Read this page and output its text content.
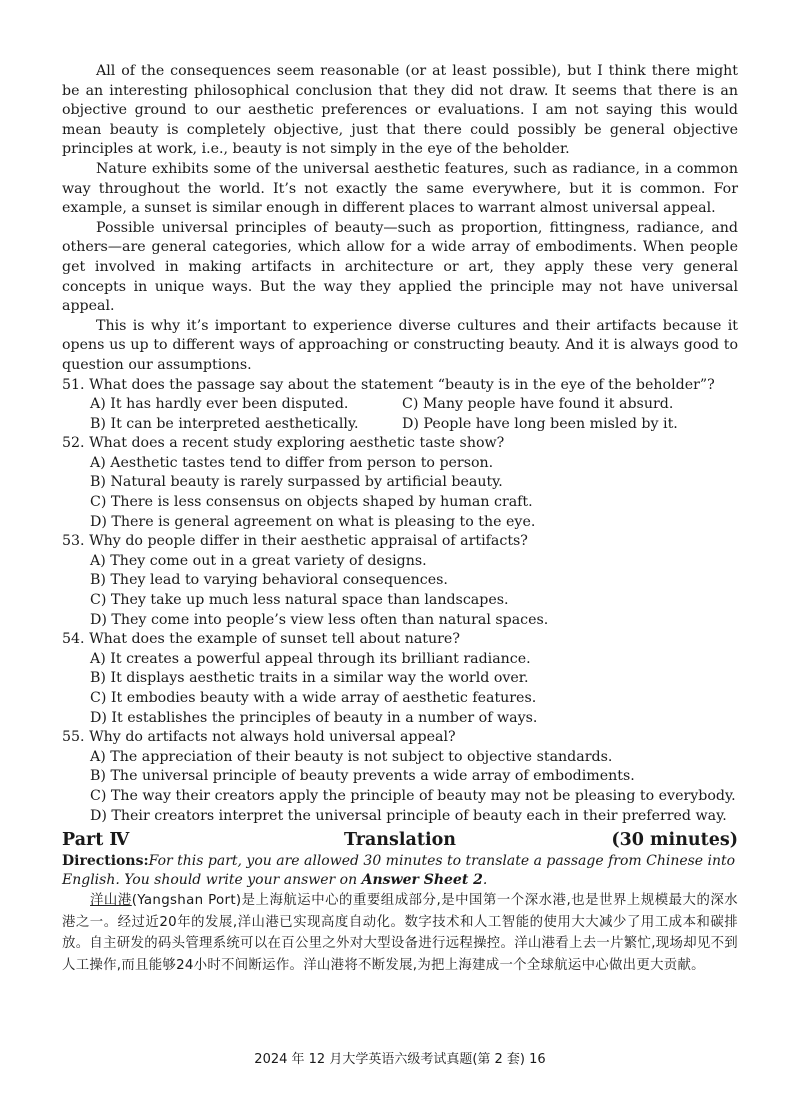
All of the consequences seem reasonable (or at least possible), but I think there might be an interesting philosophical conclusion that they did not draw. It seems that there is an objective ground to our aesthetic preferences or evaluations. I am not saying this would mean beauty is completely objective, just that there could possibly be general objective principles at work, i.e., beauty is not simply in the eye of the beholder.

Nature exhibits some of the universal aesthetic features, such as radiance, in a common way throughout the world. It’s not exactly the same everywhere, but it is common. For example, a sunset is similar enough in different places to warrant almost universal appeal.

Possible universal principles of beauty—such as proportion, fittingness, radiance, and others—are general categories, which allow for a wide array of embodiments. When people get involved in making artifacts in architecture or art, they apply these very general concepts in unique ways. But the way they applied the principle may not have universal appeal.

This is why it’s important to experience diverse cultures and their artifacts because it opens us up to different ways of approaching or constructing beauty. And it is always good to question our assumptions.

51. What does the passage say about the statement “beauty is in the eye of the beholder”?

A) It has hardly ever been disputed.	C) Many people have found it absurd.

B) It can be interpreted aesthetically.	D) People have long been misled by it.

52. What does a recent study exploring aesthetic taste show?

A) Aesthetic tastes tend to differ from person to person.

B) Natural beauty is rarely surpassed by artificial beauty.

C) There is less consensus on objects shaped by human craft.

D) There is general agreement on what is pleasing to the eye.

53. Why do people differ in their aesthetic appraisal of artifacts?

A) They come out in a great variety of designs.

B) They lead to varying behavioral consequences.

C) They take up much less natural space than landscapes.

D) They come into people’s view less often than natural spaces.

54. What does the example of sunset tell about nature?

A) It creates a powerful appeal through its brilliant radiance.

B) It displays aesthetic traits in a similar way the world over.

C) It embodies beauty with a wide array of aesthetic features.

D) It establishes the principles of beauty in a number of ways.

55. Why do artifacts not always hold universal appeal?

A) The appreciation of their beauty is not subject to objective standards.

B) The universal principle of beauty prevents a wide array of embodiments.

C) The way their creators apply the principle of beauty may not be pleasing to everybody.

D) Their creators interpret the universal principle of beauty each in their preferred way.

Part Ⅳ	Translation	(30 minutes)

Directions:For this part, you are allowed 30 minutes to translate a passage from Chinese into English. You should write your answer on Answer Sheet 2.

洋山港(Yangshan Port)是上海航运中心的重要组成部分,是中国第一个深水港,也是世界上规模最大的深水港之一。经过近20年的发展,洋山港已实现高度自动化。数字技术和人工智能的使用大大减少了用工成本和碳排放。自主研发的码头管理系统可以在百公里之外对大型设备进行远程操控。洋山港看上去一片繁忙,现场却见不到人工操作,而且能够24小时不间断运作。洋山港将不断发展,为把上海建成一个全球航运中心做出更大贡献。

2024 年 12 月大学英语六级考试真题(第 2 套) 16
